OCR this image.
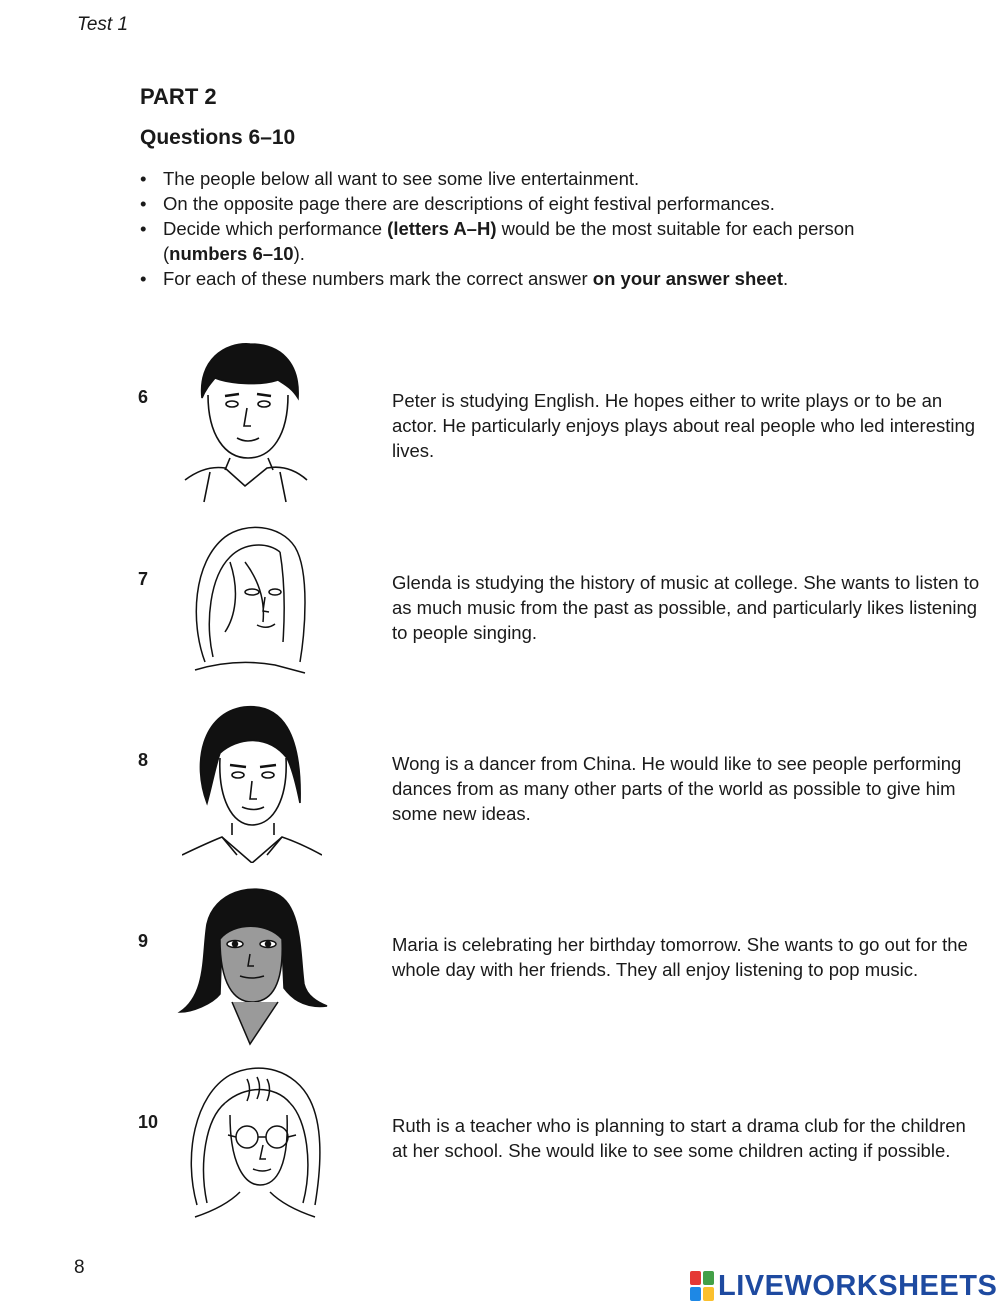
Test 1
PART 2
Questions 6–10
• The people below all want to see some live entertainment.
• On the opposite page there are descriptions of eight festival performances.
• Decide which performance (letters A–H) would be the most suitable for each person (numbers 6–10).
• For each of these numbers mark the correct answer on your answer sheet.
6	Peter is studying English. He hopes either to write plays or to be an actor. He particularly enjoys plays about real people who led interesting lives.
7	Glenda is studying the history of music at college. She wants to listen to as much music from the past as possible, and particularly likes listening to people singing.
8	Wong is a dancer from China. He would like to see people performing dances from as many other parts of the world as possible to give him some new ideas.
9	Maria is celebrating her birthday tomorrow. She wants to go out for the whole day with her friends. They all enjoy listening to pop music.
10	Ruth is a teacher who is planning to start a drama club for the children at her school. She would like to see some children acting if possible.
8
LIVEWORKSHEETS
